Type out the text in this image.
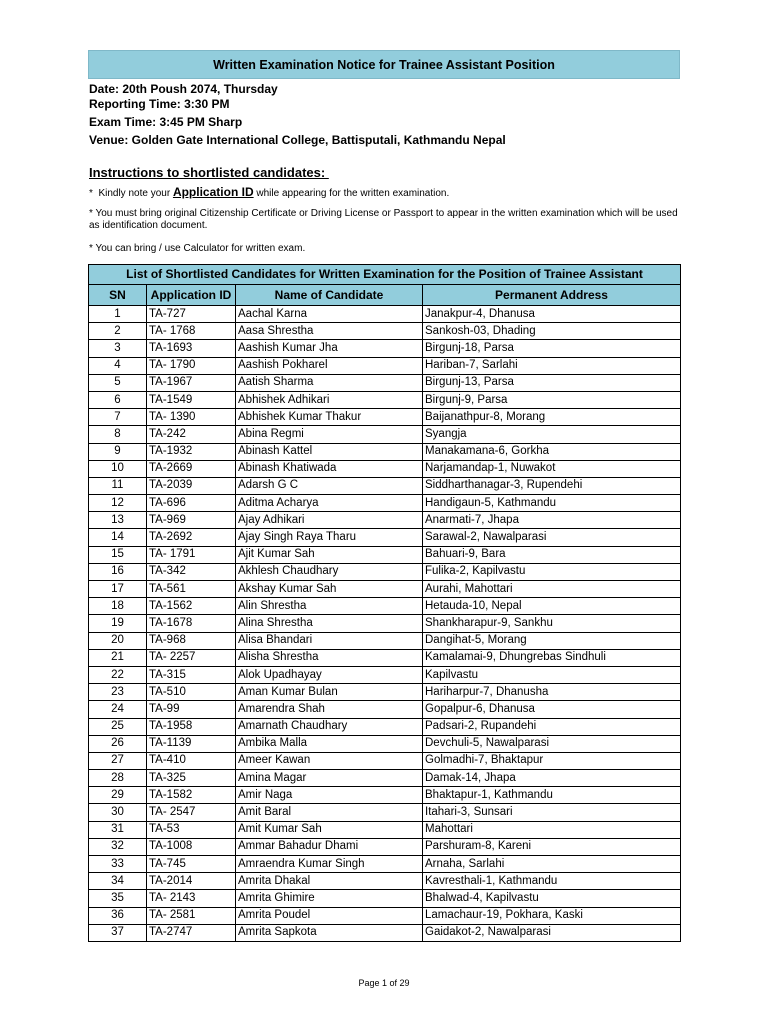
Written Examination Notice for Trainee Assistant Position
Date: 20th Poush 2074, Thursday
Reporting Time: 3:30 PM
Exam Time: 3:45 PM Sharp
Venue: Golden Gate International College, Battisputali, Kathmandu Nepal
Instructions to shortlisted candidates:
*  Kindly note your Application ID while appearing for the written examination.
* You must bring original Citizenship Certificate or Driving License or Passport to appear in the written examination which will be used as identification document.
* You can bring / use Calculator for written exam.
List of Shortlisted Candidates for Written Examination for the Position of Trainee Assistant			
SN	Application ID	Name of Candidate	Permanent Address
1	TA-727	Aachal Karna	Janakpur-4, Dhanusa
2	TA- 1768	Aasa Shrestha	Sankosh-03, Dhading
3	TA-1693	Aashish Kumar Jha	Birgunj-18, Parsa
4	TA- 1790	Aashish Pokharel	Hariban-7, Sarlahi
5	TA-1967	Aatish Sharma	Birgunj-13, Parsa
6	TA-1549	Abhishek Adhikari	Birgunj-9, Parsa
7	TA- 1390	Abhishek Kumar Thakur	Baijanathpur-8, Morang
8	TA-242	Abina Regmi	Syangja
9	TA-1932	Abinash Kattel	Manakamana-6, Gorkha
10	TA-2669	Abinash Khatiwada	Narjamandap-1, Nuwakot
11	TA-2039	Adarsh G C	Siddharthanagar-3, Rupendehi
12	TA-696	Aditma Acharya	Handigaun-5, Kathmandu
13	TA-969	Ajay Adhikari	Anarmati-7, Jhapa
14	TA-2692	Ajay Singh Raya Tharu	Sarawal-2, Nawalparasi
15	TA- 1791	Ajit Kumar Sah	Bahuari-9, Bara
16	TA-342	Akhlesh Chaudhary	Fulika-2, Kapilvastu
17	TA-561	Akshay Kumar Sah	Aurahi, Mahottari
18	TA-1562	Alin Shrestha	Hetauda-10, Nepal
19	TA-1678	Alina Shrestha	Shankharapur-9, Sankhu
20	TA-968	Alisa Bhandari	Dangihat-5, Morang
21	TA- 2257	Alisha Shrestha	Kamalamai-9, Dhungrebas Sindhuli
22	TA-315	Alok Upadhayay	Kapilvastu
23	TA-510	Aman Kumar Bulan	Hariharpur-7, Dhanusha
24	TA-99	Amarendra Shah	Gopalpur-6, Dhanusa
25	TA-1958	Amarnath Chaudhary	Padsari-2, Rupandehi
26	TA-1139	Ambika Malla	Devchuli-5, Nawalparasi
27	TA-410	Ameer Kawan	Golmadhi-7, Bhaktapur
28	TA-325	Amina Magar	Damak-14, Jhapa
29	TA-1582	Amir Naga	Bhaktapur-1, Kathmandu
30	TA- 2547	Amit Baral	Itahari-3, Sunsari
31	TA-53	Amit Kumar Sah	Mahottari
32	TA-1008	Ammar Bahadur Dhami	Parshuram-8, Kareni
33	TA-745	Amraendra Kumar Singh	Arnaha, Sarlahi
34	TA-2014	Amrita Dhakal	Kavresthali-1, Kathmandu
35	TA- 2143	Amrita Ghimire	Bhalwad-4, Kapilvastu
36	TA- 2581	Amrita Poudel	Lamachaur-19, Pokhara, Kaski
37	TA-2747	Amrita Sapkota	Gaidakot-2, Nawalparasi
Page 1 of 29
